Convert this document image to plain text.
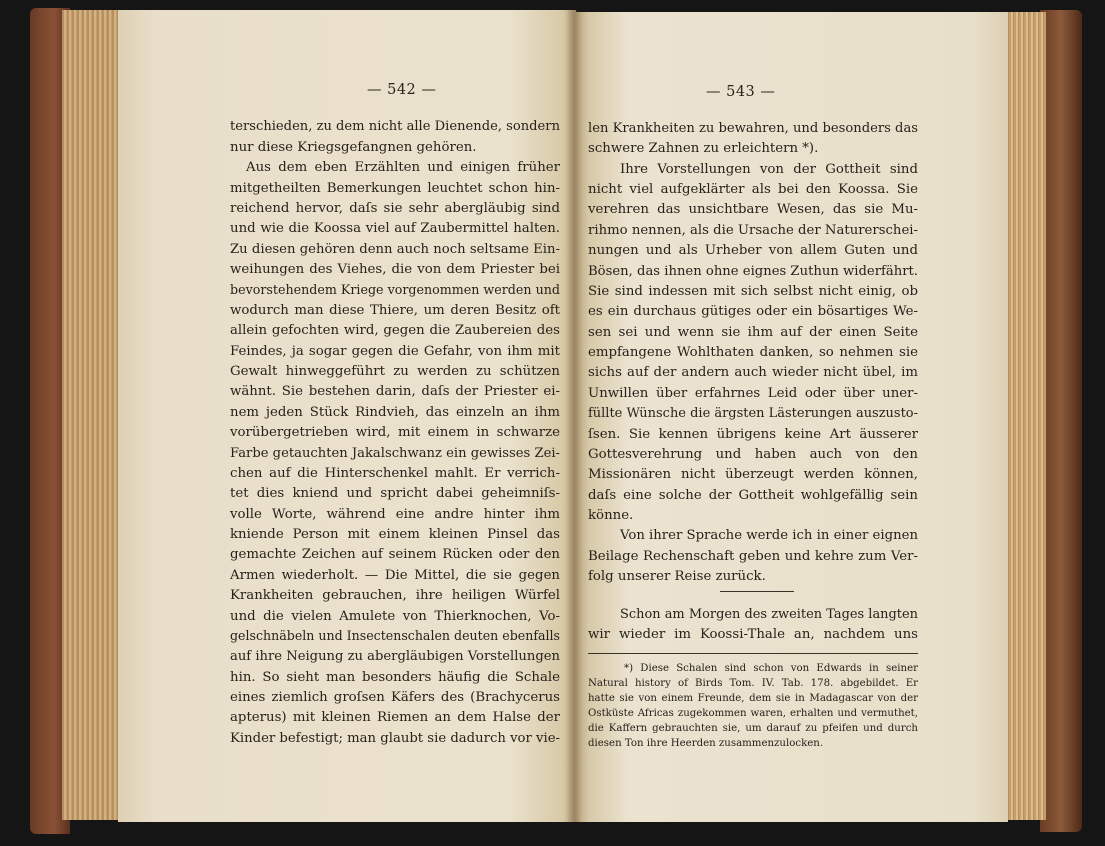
— 542 —
terschieden, zu dem nicht alle Dienende, sondern
nur diese Kriegsgefangnen gehören.
Aus dem eben Erzählten und einigen früher
mitgetheilten Bemerkungen leuchtet schon hin-
reichend hervor, daſs sie sehr abergläubig sind
und wie die Koossa viel auf Zaubermittel halten.
Zu diesen gehören denn auch noch seltsame Ein-
weihungen des Viehes, die von dem Priester bei
bevorstehendem Kriege vorgenommen werden und
wodurch man diese Thiere, um deren Besitz oft
allein gefochten wird, gegen die Zaubereien des
Feindes, ja sogar gegen die Gefahr, von ihm mit
Gewalt hinweggeführt zu werden zu schützen
wähnt. Sie bestehen darin, daſs der Priester ei-
nem jeden Stück Rindvieh, das einzeln an ihm
vorübergetrieben wird, mit einem in schwarze
Farbe getauchten Jakalschwanz ein gewisses Zei-
chen auf die Hinterschenkel mahlt. Er verrich-
tet dies kniend und spricht dabei geheimniſs-
volle Worte, während eine andre hinter ihm
kniende Person mit einem kleinen Pinsel das
gemachte Zeichen auf seinem Rücken oder den
Armen wiederholt. — Die Mittel, die sie gegen
Krankheiten gebrauchen, ihre heiligen Würfel
und die vielen Amulete von Thierknochen, Vo-
gelschnäbeln und Insectenschalen deuten ebenfalls
auf ihre Neigung zu abergläubigen Vorstellungen
hin. So sieht man besonders häufig die Schale
eines ziemlich groſsen Käfers des (Brachycerus
apterus) mit kleinen Riemen an dem Halse der
Kinder befestigt; man glaubt sie dadurch vor vie-
— 543 —
len Krankheiten zu bewahren, und besonders das
schwere Zahnen zu erleichtern *).
Ihre Vorstellungen von der Gottheit sind
nicht viel aufgeklärter als bei den Koossa. Sie
verehren das unsichtbare Wesen, das sie Mu-
rihmo nennen, als die Ursache der Naturerschei-
nungen und als Urheber von allem Guten und
Bösen, das ihnen ohne eignes Zuthun widerfährt.
Sie sind indessen mit sich selbst nicht einig, ob
es ein durchaus gütiges oder ein bösartiges We-
sen sei und wenn sie ihm auf der einen Seite
empfangene Wohlthaten danken, so nehmen sie
sichs auf der andern auch wieder nicht übel, im
Unwillen über erfahrnes Leid oder über uner-
füllte Wünsche die ärgsten Lästerungen auszusto-
ſsen. Sie kennen übrigens keine Art äusserer
Gottesverehrung und haben auch von den
Missionären nicht überzeugt werden können,
daſs eine solche der Gottheit wohlgefällig sein
könne.
Von ihrer Sprache werde ich in einer eignen
Beilage Rechenschaft geben und kehre zum Ver-
folg unserer Reise zurück.
Schon am Morgen des zweiten Tages langten
wir wieder im Koossi-Thale an, nachdem uns
*) Diese Schalen sind schon von Edwards in seiner
Natural history of Birds Tom. IV. Tab. 178. abgebildet. Er
hatte sie von einem Freunde, dem sie in Madagascar von der
Ostküste Africas zugekommen waren, erhalten und vermuthet,
die Kaffern gebrauchten sie, um darauf zu pfeifen und durch
diesen Ton ihre Heerden zusammenzulocken.
